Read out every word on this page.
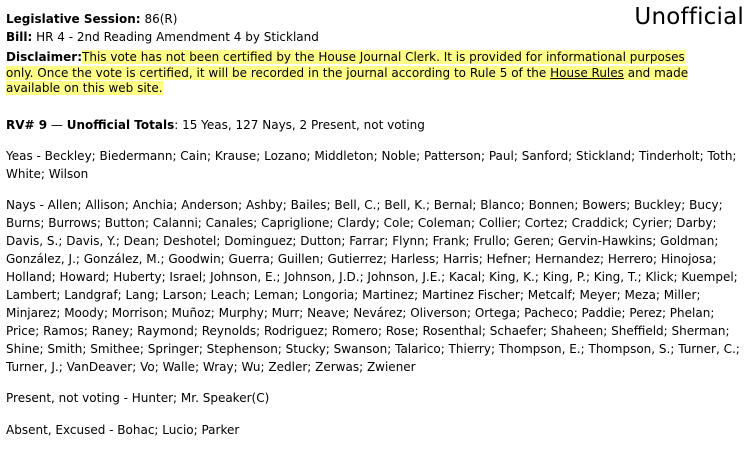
Unofficial
Legislative Session: 86(R)
Bill: HR 4 - 2nd Reading Amendment 4 by Stickland
Disclaimer:This vote has not been certified by the House Journal Clerk. It is provided for informational purposes only. Once the vote is certified, it will be recorded in the journal according to Rule 5 of the House Rules and made available on this web site.
RV# 9 — Unofficial Totals: 15 Yeas, 127 Nays, 2 Present, not voting
Yeas - Beckley; Biedermann; Cain; Krause; Lozano; Middleton; Noble; Patterson; Paul; Sanford; Stickland; Tinderholt; Toth; White; Wilson
Nays - Allen; Allison; Anchia; Anderson; Ashby; Bailes; Bell, C.; Bell, K.; Bernal; Blanco; Bonnen; Bowers; Buckley; Bucy; Burns; Burrows; Button; Calanni; Canales; Capriglione; Clardy; Cole; Coleman; Collier; Cortez; Craddick; Cyrier; Darby; Davis, S.; Davis, Y.; Dean; Deshotel; Dominguez; Dutton; Farrar; Flynn; Frank; Frullo; Geren; Gervin-Hawkins; Goldman; González, J.; González, M.; Goodwin; Guerra; Guillen; Gutierrez; Harless; Harris; Hefner; Hernandez; Herrero; Hinojosa; Holland; Howard; Huberty; Israel; Johnson, E.; Johnson, J.D.; Johnson, J.E.; Kacal; King, K.; King, P.; King, T.; Klick; Kuempel; Lambert; Landgraf; Lang; Larson; Leach; Leman; Longoria; Martinez; Martinez Fischer; Metcalf; Meyer; Meza; Miller; Minjarez; Moody; Morrison; Muñoz; Murphy; Murr; Neave; Nevárez; Oliverson; Ortega; Pacheco; Paddie; Perez; Phelan; Price; Ramos; Raney; Raymond; Reynolds; Rodriguez; Romero; Rose; Rosenthal; Schaefer; Shaheen; Sheffield; Sherman; Shine; Smith; Smithee; Springer; Stephenson; Stucky; Swanson; Talarico; Thierry; Thompson, E.; Thompson, S.; Turner, C.; Turner, J.; VanDeaver; Vo; Walle; Wray; Wu; Zedler; Zerwas; Zwiener
Present, not voting - Hunter; Mr. Speaker(C)
Absent, Excused - Bohac; Lucio; Parker
